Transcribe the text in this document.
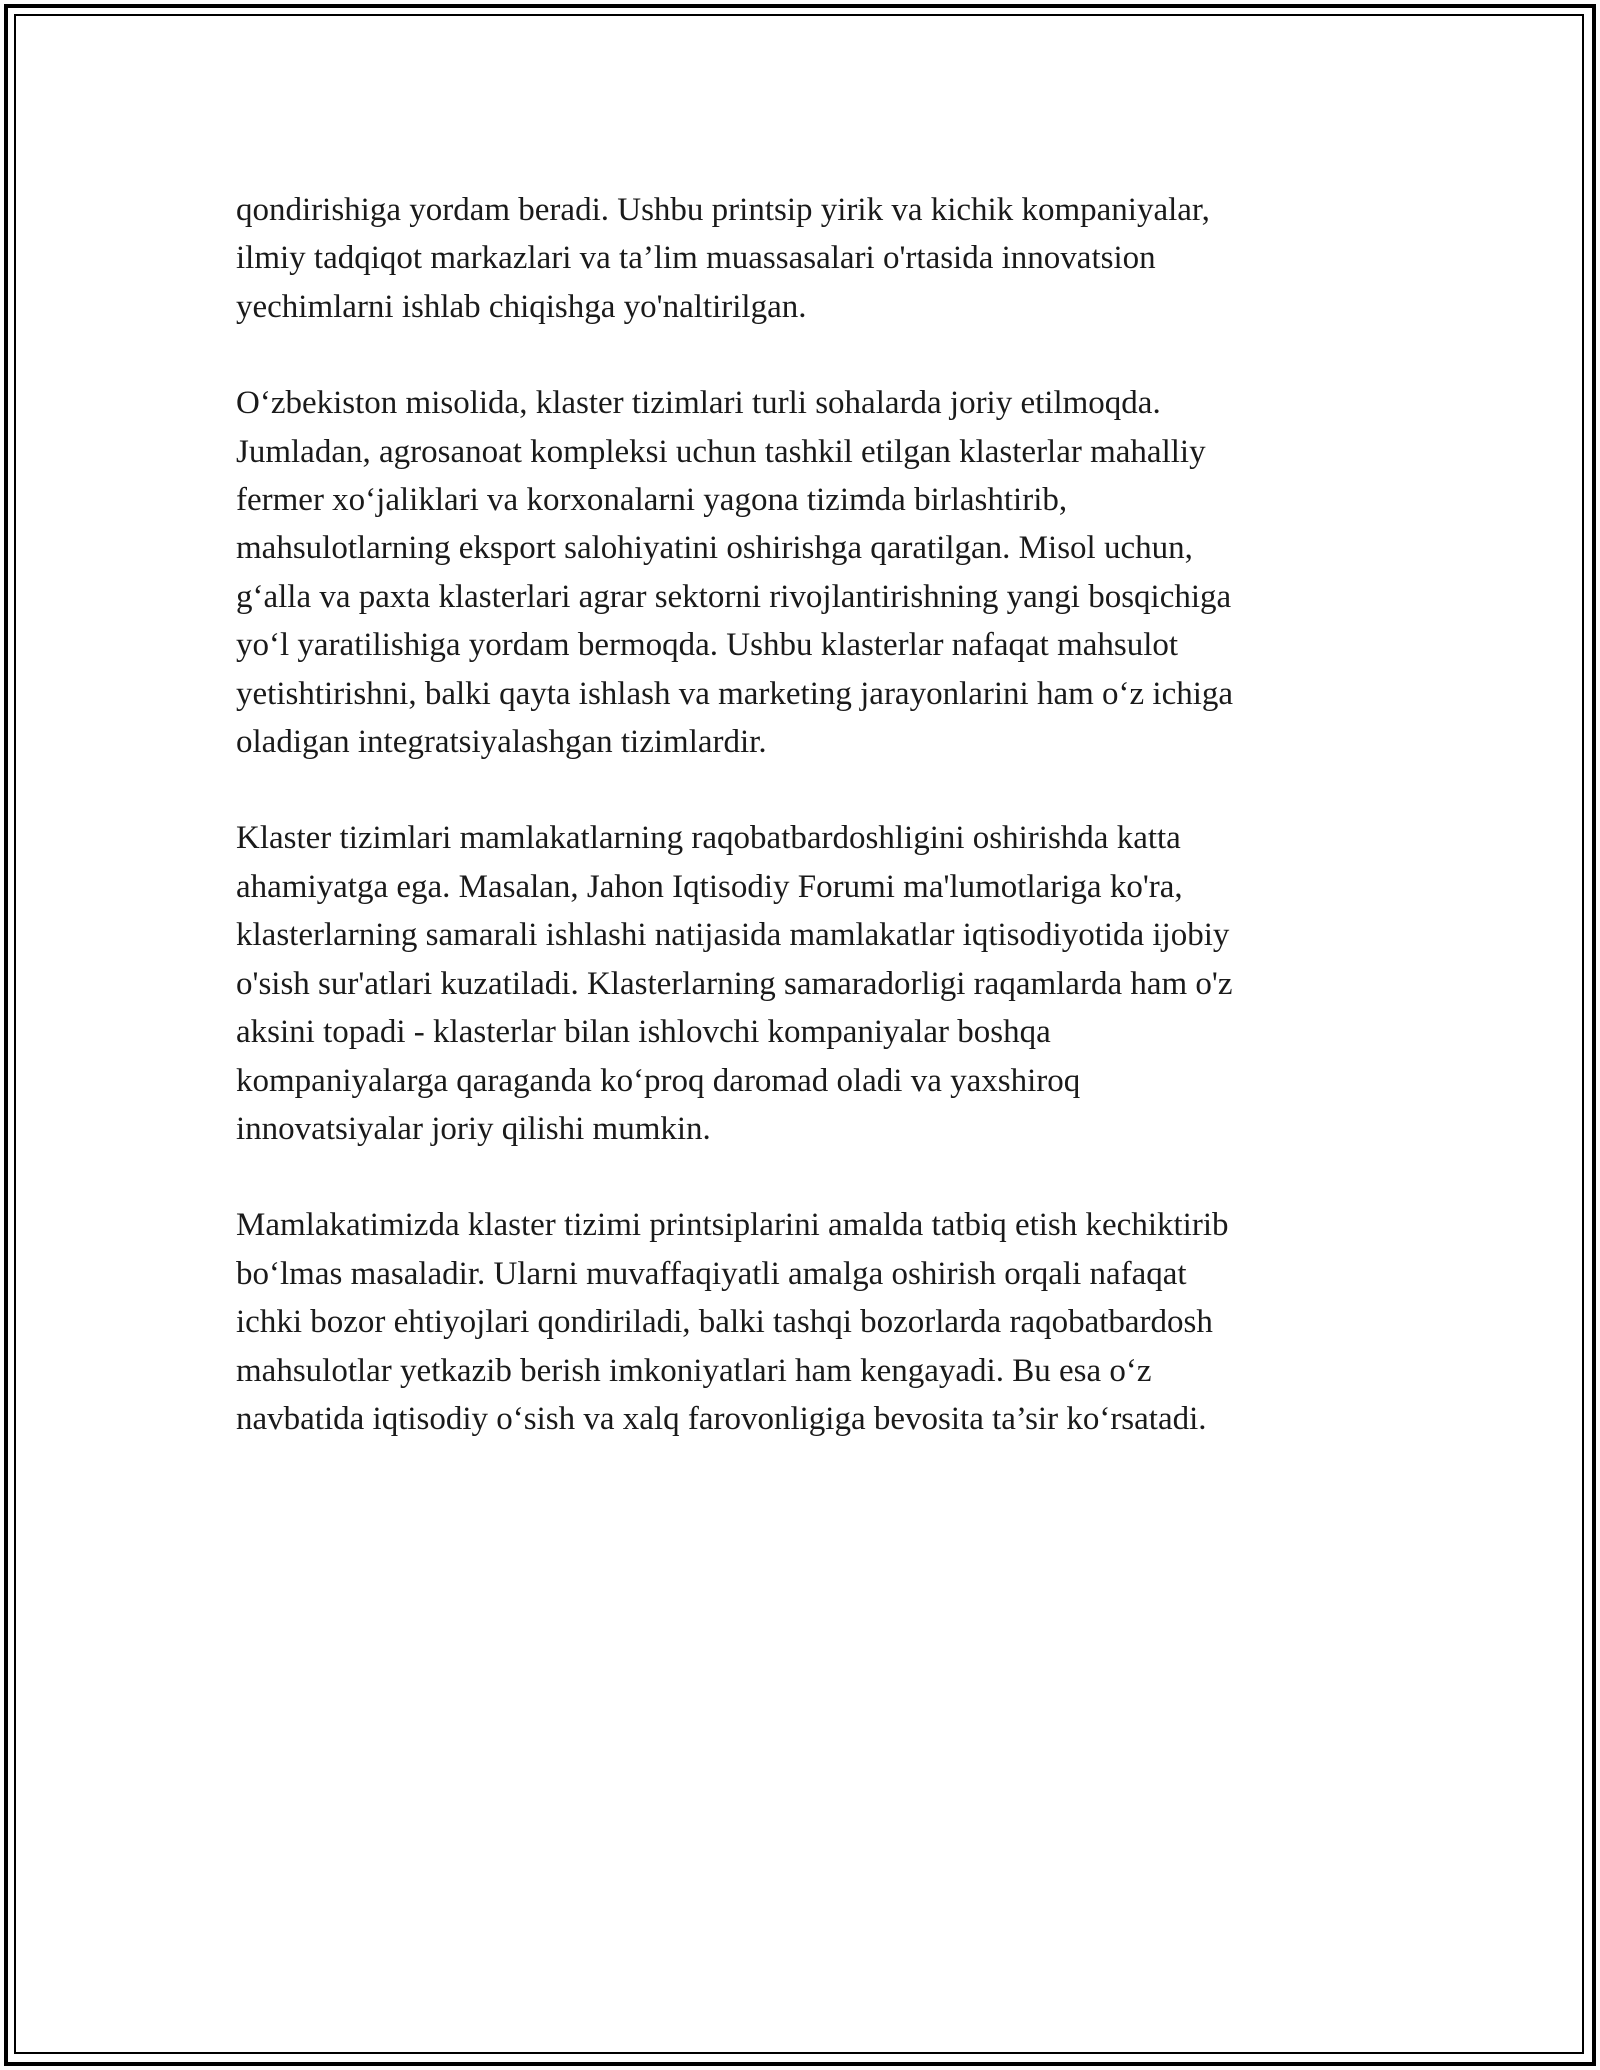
qondirishiga yordam beradi. Ushbu printsip yirik va kichik kompaniyalar,
ilmiy tadqiqot markazlari va ta’lim muassasalari o'rtasida innovatsion
yechimlarni ishlab chiqishga yo'naltirilgan.

O‘zbekiston misolida, klaster tizimlari turli sohalarda joriy etilmoqda.
Jumladan, agrosanoat kompleksi uchun tashkil etilgan klasterlar mahalliy
fermer xo‘jaliklari va korxonalarni yagona tizimda birlashtirib,
mahsulotlarning eksport salohiyatini oshirishga qaratilgan. Misol uchun,
g‘alla va paxta klasterlari agrar sektorni rivojlantirishning yangi bosqichiga
yo‘l yaratilishiga yordam bermoqda. Ushbu klasterlar nafaqat mahsulot
yetishtirishni, balki qayta ishlash va marketing jarayonlarini ham o‘z ichiga
oladigan integratsiyalashgan tizimlardir.

Klaster tizimlari mamlakatlarning raqobatbardoshligini oshirishda katta
ahamiyatga ega. Masalan, Jahon Iqtisodiy Forumi ma'lumotlariga ko'ra,
klasterlarning samarali ishlashi natijasida mamlakatlar iqtisodiyotida ijobiy
o'sish sur'atlari kuzatiladi. Klasterlarning samaradorligi raqamlarda ham o'z
aksini topadi - klasterlar bilan ishlovchi kompaniyalar boshqa
kompaniyalarga qaraganda ko‘proq daromad oladi va yaxshiroq
innovatsiyalar joriy qilishi mumkin.

Mamlakatimizda klaster tizimi printsiplarini amalda tatbiq etish kechiktirib
bo‘lmas masaladir. Ularni muvaffaqiyatli amalga oshirish orqali nafaqat
ichki bozor ehtiyojlari qondiriladi, balki tashqi bozorlarda raqobatbardosh
mahsulotlar yetkazib berish imkoniyatlari ham kengayadi. Bu esa o‘z
navbatida iqtisodiy o‘sish va xalq farovonligiga bevosita ta’sir ko‘rsatadi.
